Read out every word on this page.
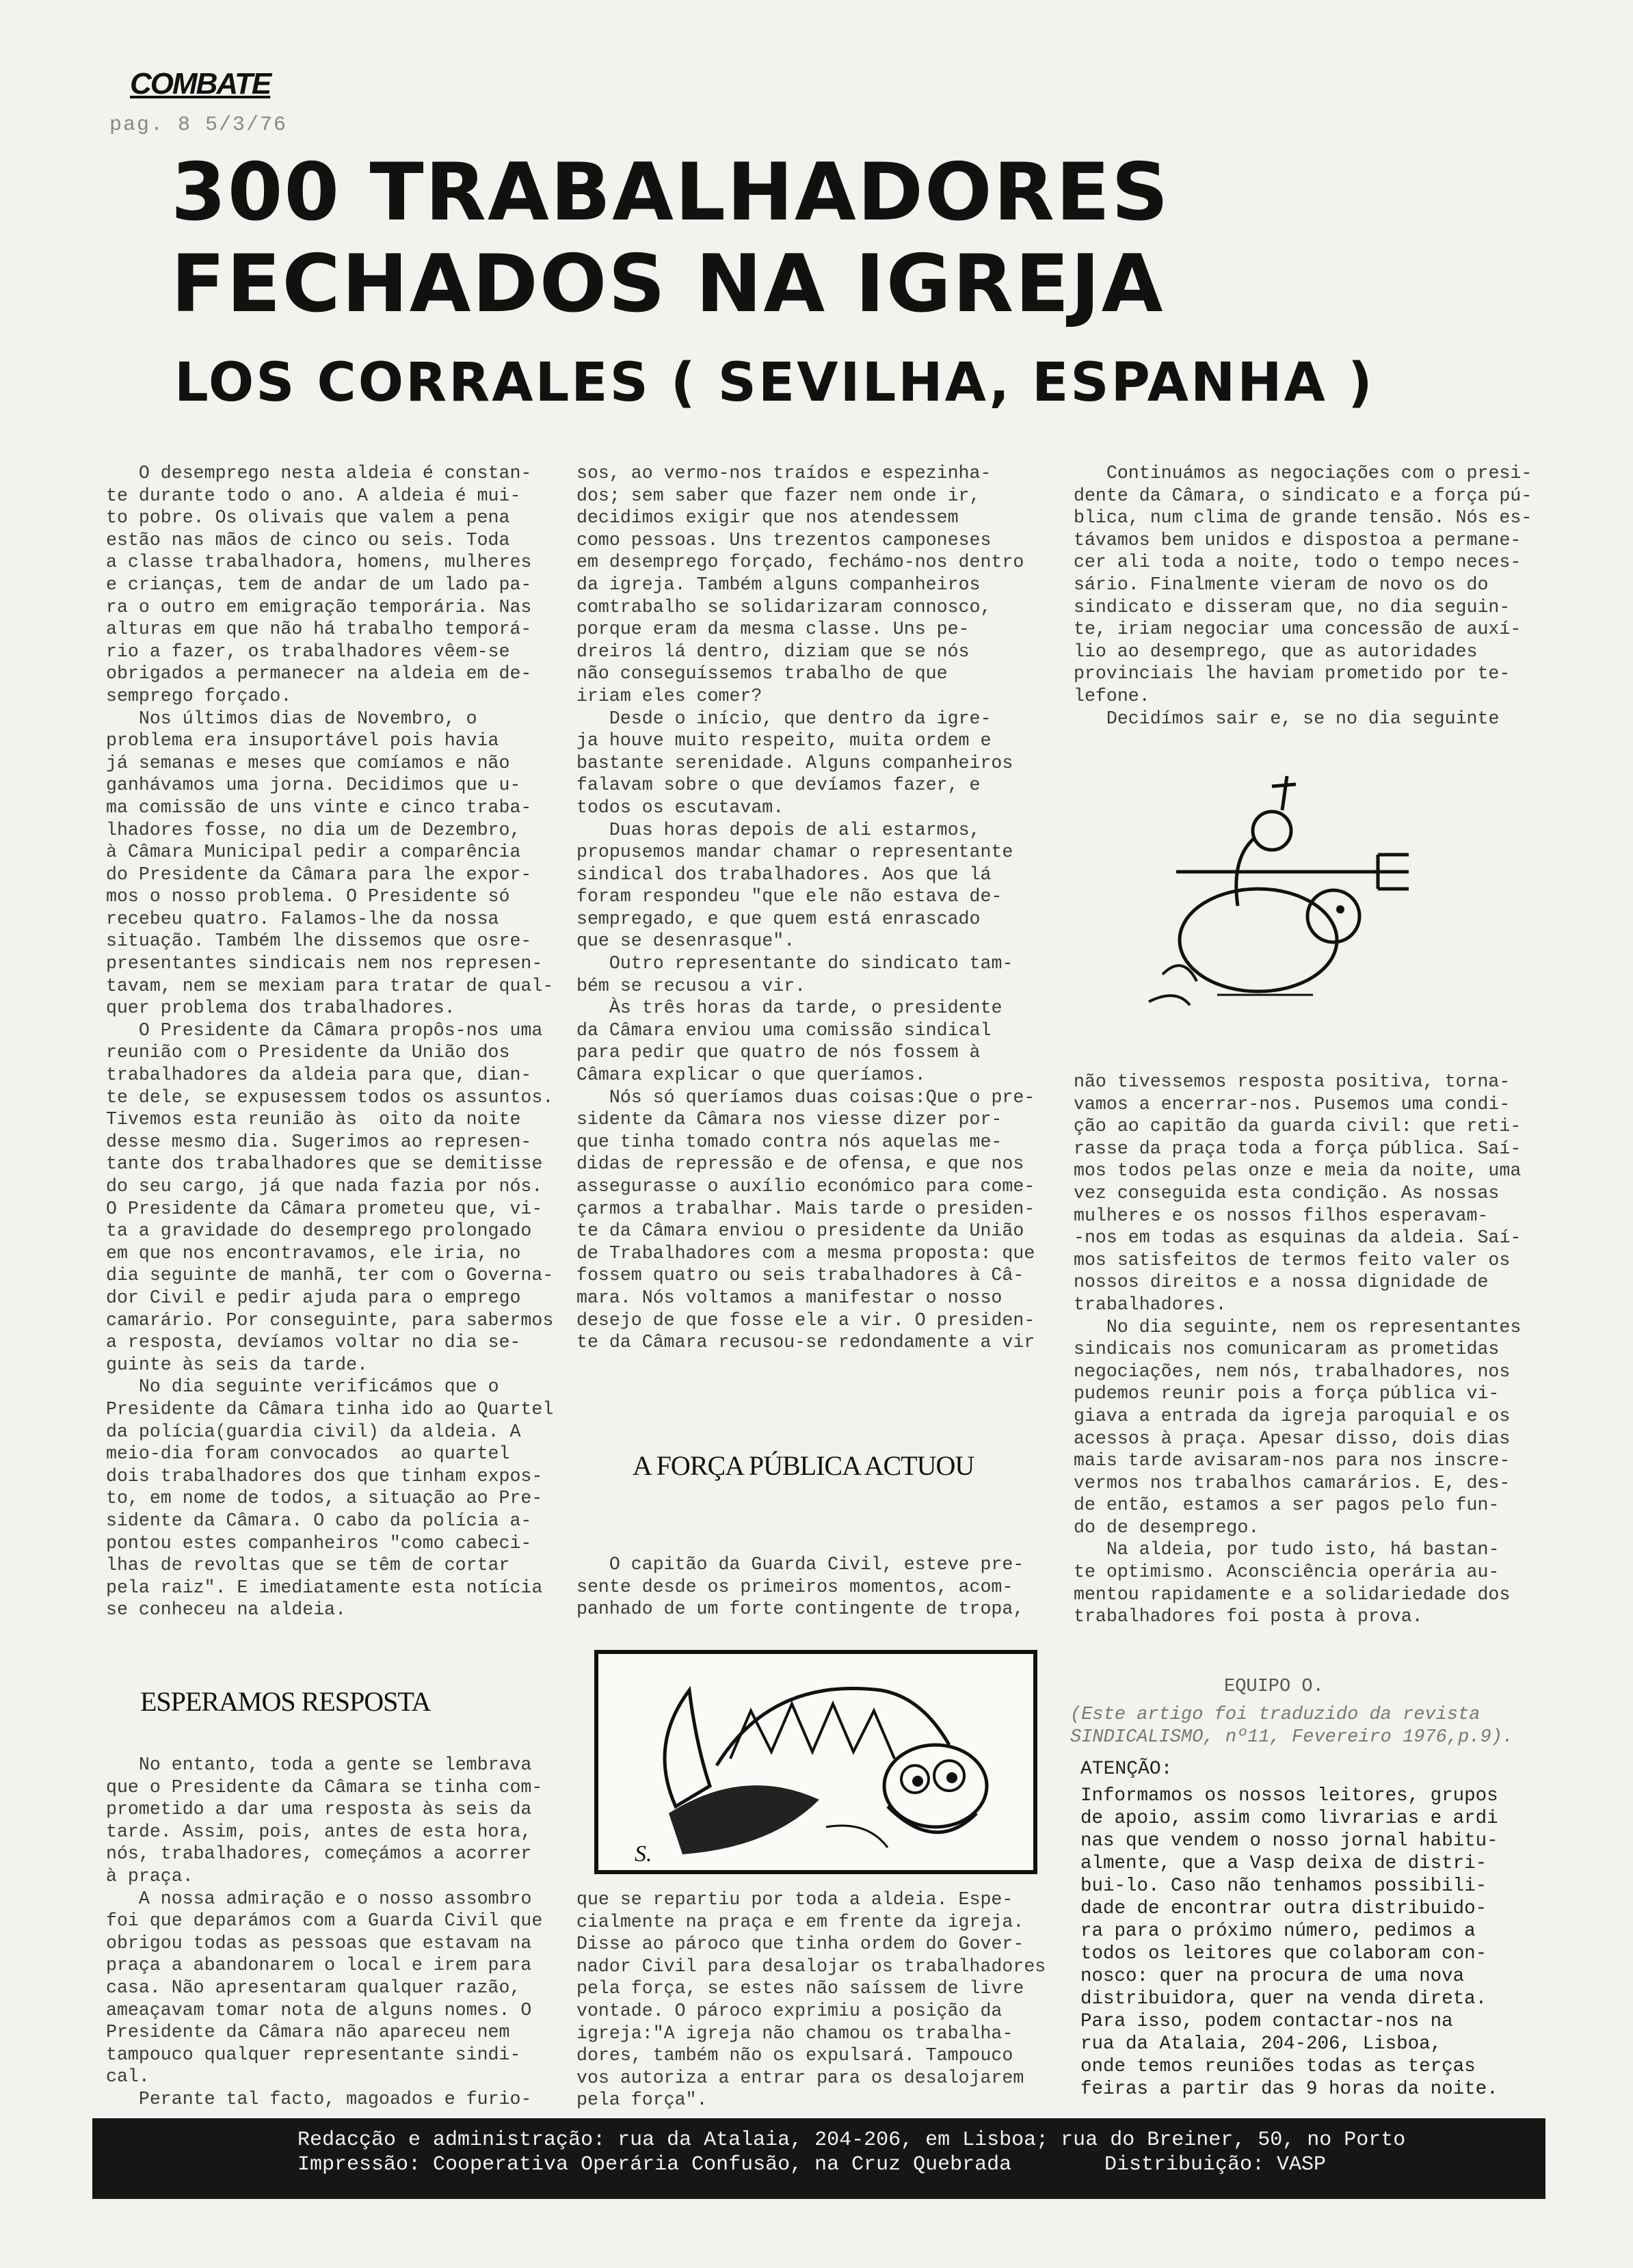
COMBATE
pag. 8 5/3/76
300 TRABALHADORES
FECHADOS NA IGREJA
LOS CORRALES ( SEVILHA, ESPANHA )
O desemprego nesta aldeia é constan-
te durante todo o ano. A aldeia é mui-
to pobre. Os olivais que valem a pena
estão nas mãos de cinco ou seis. Toda
a classe trabalhadora, homens, mulheres
e crianças, tem de andar de um lado pa-
ra o outro em emigração temporária. Nas
alturas em que não há trabalho temporá-
rio a fazer, os trabalhadores vêem-se
obrigados a permanecer na aldeia em de-
semprego forçado.
Nos últimos dias de Novembro, o
problema era insuportável pois havia
já semanas e meses que comíamos e não
ganhávamos uma jorna. Decidimos que u-
ma comissão de uns vinte e cinco traba-
lhadores fosse, no dia um de Dezembro,
à Câmara Municipal pedir a comparência
do Presidente da Câmara para lhe expor-
mos o nosso problema. O Presidente só
recebeu quatro. Falamos-lhe da nossa
situação. Também lhe dissemos que osre-
presentantes sindicais nem nos represen-
tavam, nem se mexiam para tratar de qual-
quer problema dos trabalhadores.
O Presidente da Câmara propôs-nos uma
reunião com o Presidente da União dos
trabalhadores da aldeia para que, dian-
te dele, se expusessem todos os assuntos.
Tivemos esta reunião às  oito da noite
desse mesmo dia. Sugerimos ao represen-
tante dos trabalhadores que se demitisse
do seu cargo, já que nada fazia por nós.
O Presidente da Câmara prometeu que, vi-
ta a gravidade do desemprego prolongado
em que nos encontravamos, ele iria, no
dia seguinte de manhã, ter com o Governa-
dor Civil e pedir ajuda para o emprego
camarário. Por conseguinte, para sabermos
a resposta, devíamos voltar no dia se-
guinte às seis da tarde.
No dia seguinte verificámos que o
Presidente da Câmara tinha ido ao Quartel
da polícia(guardia civil) da aldeia. A
meio-dia foram convocados  ao quartel
dois trabalhadores dos que tinham expos-
to, em nome de todos, a situação ao Pre-
sidente da Câmara. O cabo da polícia a-
pontou estes companheiros "como cabeci-
lhas de revoltas que se têm de cortar
pela raiz". E imediatamente esta notícia
se conheceu na aldeia.
ESPERAMOS RESPOSTA
No entanto, toda a gente se lembrava
que o Presidente da Câmara se tinha com-
prometido a dar uma resposta às seis da
tarde. Assim, pois, antes de esta hora,
nós, trabalhadores, começámos a acorrer
à praça.
A nossa admiração e o nosso assombro
foi que deparámos com a Guarda Civil que
obrigou todas as pessoas que estavam na
praça a abandonarem o local e irem para
casa. Não apresentaram qualquer razão,
ameaçavam tomar nota de alguns nomes. O
Presidente da Câmara não apareceu nem
tampouco qualquer representante sindi-
cal.
Perante tal facto, magoados e furio-
sos, ao vermo-nos traídos e espezinha-
dos; sem saber que fazer nem onde ir,
decidimos exigir que nos atendessem
como pessoas. Uns trezentos camponeses
em desemprego forçado, fechámo-nos dentro
da igreja. Também alguns companheiros
comtrabalho se solidarizaram connosco,
porque eram da mesma classe. Uns pe-
dreiros lá dentro, diziam que se nós
não conseguíssemos trabalho de que
iriam eles comer?
Desde o início, que dentro da igre-
ja houve muito respeito, muita ordem e
bastante serenidade. Alguns companheiros
falavam sobre o que devíamos fazer, e
todos os escutavam.
Duas horas depois de ali estarmos,
propusemos mandar chamar o representante
sindical dos trabalhadores. Aos que lá
foram respondeu "que ele não estava de-
sempregado, e que quem está enrascado
que se desenrasque".
Outro representante do sindicato tam-
bém se recusou a vir.
Às três horas da tarde, o presidente
da Câmara enviou uma comissão sindical
para pedir que quatro de nós fossem à
Câmara explicar o que queríamos.
Nós só queríamos duas coisas:Que o pre-
sidente da Câmara nos viesse dizer por-
que tinha tomado contra nós aquelas me-
didas de repressão e de ofensa, e que nos
assegurasse o auxílio económico para come-
çarmos a trabalhar. Mais tarde o presiden-
te da Câmara enviou o presidente da União
de Trabalhadores com a mesma proposta: que
fossem quatro ou seis trabalhadores à Câ-
mara. Nós voltamos a manifestar o nosso
desejo de que fosse ele a vir. O presiden-
te da Câmara recusou-se redondamente a vir
A FORÇA PÚBLICA ACTUOU
O capitão da Guarda Civil, esteve pre-
sente desde os primeiros momentos, acom-
panhado de um forte contingente de tropa,
S.
que se repartiu por toda a aldeia. Espe-
cialmente na praça e em frente da igreja.
Disse ao pároco que tinha ordem do Gover-
nador Civil para desalojar os trabalhadores
pela força, se estes não saíssem de livre
vontade. O pároco exprimiu a posição da
igreja:"A igreja não chamou os trabalha-
dores, também não os expulsará. Tampouco
vos autoriza a entrar para os desalojarem
pela força".
Continuámos as negociações com o presi-
dente da Câmara, o sindicato e a força pú-
blica, num clima de grande tensão. Nós es-
távamos bem unidos e dispostoa a permane-
cer ali toda a noite, todo o tempo neces-
sário. Finalmente vieram de novo os do
sindicato e disseram que, no dia seguin-
te, iriam negociar uma concessão de auxí-
lio ao desemprego, que as autoridades
provinciais lhe haviam prometido por te-
lefone.
Decidímos sair e, se no dia seguinte
não tivessemos resposta positiva, torna-
vamos a encerrar-nos. Pusemos uma condi-
ção ao capitão da guarda civil: que reti-
rasse da praça toda a força pública. Saí-
mos todos pelas onze e meia da noite, uma
vez conseguida esta condição. As nossas
mulheres e os nossos filhos esperavam-
-nos em todas as esquinas da aldeia. Saí-
mos satisfeitos de termos feito valer os
nossos direitos e a nossa dignidade de
trabalhadores.
No dia seguinte, nem os representantes
sindicais nos comunicaram as prometidas
negociações, nem nós, trabalhadores, nos
pudemos reunir pois a força pública vi-
giava a entrada da igreja paroquial e os
acessos à praça. Apesar disso, dois dias
mais tarde avisaram-nos para nos inscre-
vermos nos trabalhos camarários. E, des-
de então, estamos a ser pagos pelo fun-
do de desemprego.
Na aldeia, por tudo isto, há bastan-
te optimismo. Aconsciência operária au-
mentou rapidamente e a solidariedade dos
trabalhadores foi posta à prova.
EQUIPO O.
(Este artigo foi traduzido da revista
SINDICALISMO, nº11, Fevereiro 1976,p.9).
ATENÇÃO:
Informamos os nossos leitores, grupos
de apoio, assim como livrarias e ardi
nas que vendem o nosso jornal habitu-
almente, que a Vasp deixa de distri-
bui-lo. Caso não tenhamos possibili-
dade de encontrar outra distribuido-
ra para o próximo número, pedimos a
todos os leitores que colaboram con-
nosco: quer na procura de uma nova
distribuidora, quer na venda direta.
Para isso, podem contactar-nos na
rua da Atalaia, 204-206, Lisboa,
onde temos reuniões todas as terças
feiras a partir das 9 horas da noite.
Redacção e administração: rua da Atalaia, 204-206, em Lisboa; rua do Breiner, 50, no Porto
Impressão: Cooperativa Operária Confusão, na Cruz Quebrada	Distribuição: VASP
